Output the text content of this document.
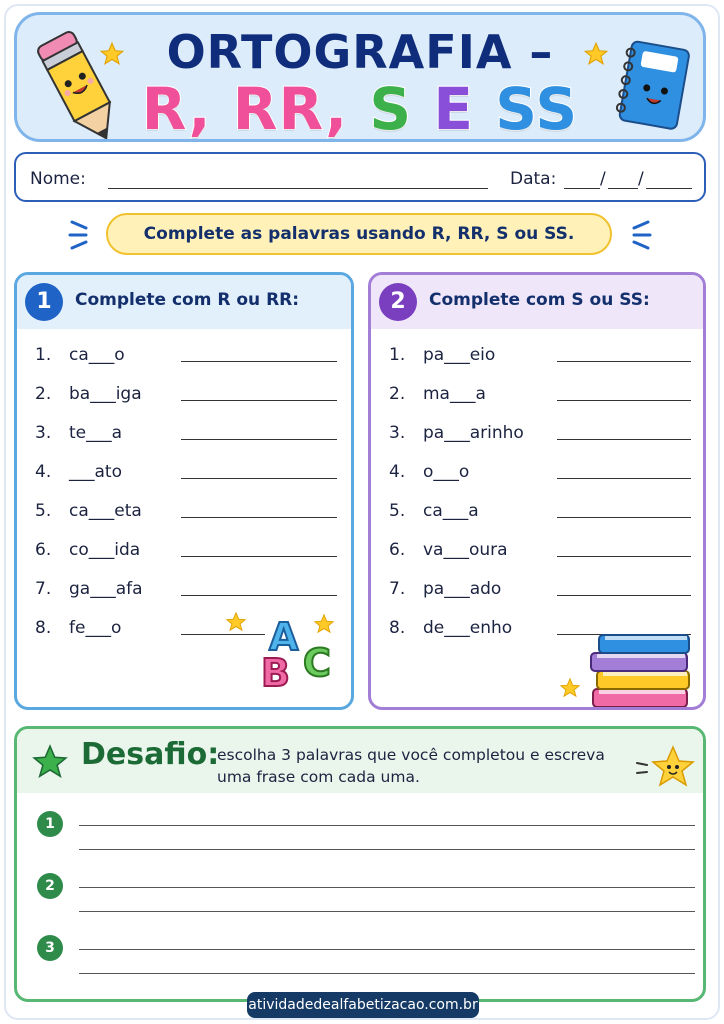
ORTOGRAFIA –
R, RR, S E SS
Nome:	Data:	/ /
Complete as palavras usando R, RR, S ou SS.
1	Complete com R ou RR:
1.	ca___o
2.	ba___iga
3.	te___a
4.	___ato
5.	ca___eta
6.	co___ida
7.	ga___afa
8.	fe___o	A
B C
2	Complete com S ou SS:
1.	pa___eio
2.	ma___a
3.	pa___arinho
4.	o___o
5.	ca___a
6.	va___oura
7.	pa___ado
8.	de___enho
Desafio:
escolha 3 palavras que você completou e escreva uma frase com cada uma.
1
2
3
atividadedealfabetizacao.com.br
